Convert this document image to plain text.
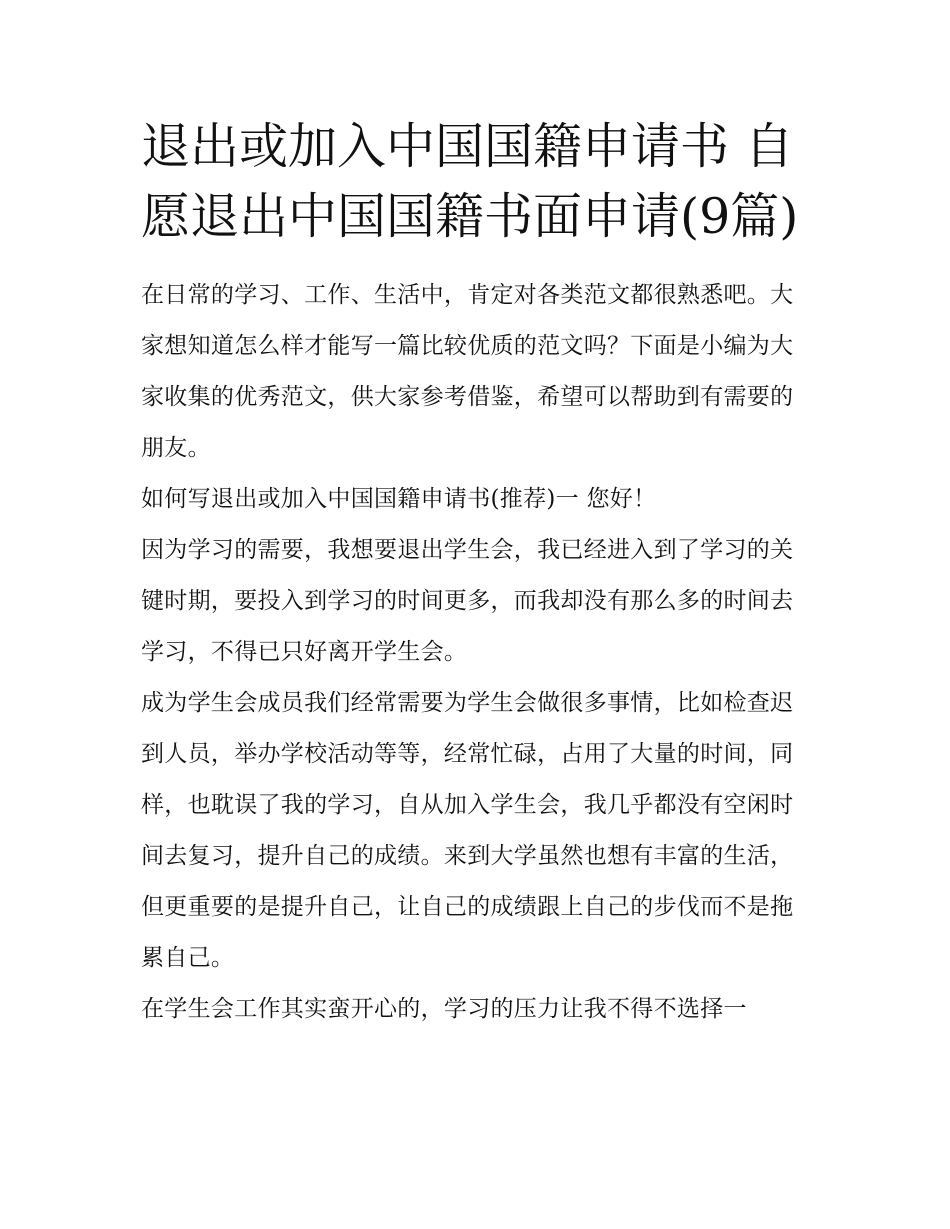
退出或加入中国国籍申请书 自愿退出中国国籍书面申请(9篇)

在日常的学习、工作、生活中，肯定对各类范文都很熟悉吧。大家想知道怎么样才能写一篇比较优质的范文吗？下面是小编为大家收集的优秀范文，供大家参考借鉴，希望可以帮助到有需要的朋友。

如何写退出或加入中国国籍申请书(推荐)一 您好！

因为学习的需要，我想要退出学生会，我已经进入到了学习的关键时期，要投入到学习的时间更多，而我却没有那么多的时间去学习，不得已只好离开学生会。

成为学生会成员我们经常需要为学生会做很多事情，比如检查迟到人员，举办学校活动等等，经常忙碌，占用了大量的时间，同样，也耽误了我的学习，自从加入学生会，我几乎都没有空闲时间去复习，提升自己的成绩。来到大学虽然也想有丰富的生活，但更重要的是提升自己，让自己的成绩跟上自己的步伐而不是拖累自己。

在学生会工作其实蛮开心的，学习的压力让我不得不选择一
